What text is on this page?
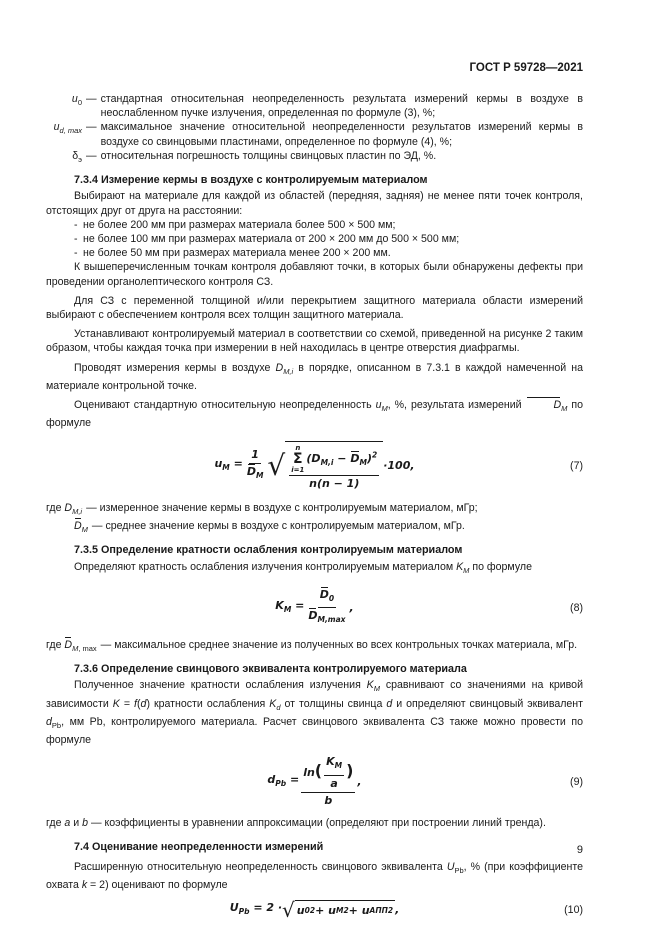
ГОСТ Р 59728—2021
$u_0$ — стандартная относительная неопределенность результата измерений кермы в воздухе в неослабленном пучке излучения, определенная по формуле (3), %;
$u_{d, max}$ — максимальное значение относительной неопределенности результатов измерений кермы в воздухе со свинцовыми пластинами, определенное по формуле (4), %;
$\delta_э$ — относительная погрешность толщины свинцовых пластин по ЭД, %.
7.3.4 Измерение кермы в воздухе с контролируемым материалом

Выбирают на материале для каждой из областей (передняя, задняя) не менее пяти точек контроля, отстоящих друг от друга на расстоянии:

- не более 200 мм при размерах материала более 500 × 500 мм;
- не более 100 мм при размерах материала от 200 × 200 мм до 500 × 500 мм;
- не более 50 мм при размерах материала менее 200 × 200 мм.

К вышеперечисленным точкам контроля добавляют точки, в которых были обнаружены дефекты при проведении органолептического контроля СЗ.

Для СЗ с переменной толщиной и/или перекрытием защитного материала области измерений выбирают с обеспечением контроля всех толщин защитного материала.

Устанавливают контролируемый материал в соответствии со схемой, приведенной на рисунке 2 таким образом, чтобы каждая точка при измерении в ней находилась в центре отверстия диафрагмы.

Проводят измерения кермы в воздухе $D_{M,i}$ в порядке, описанном в 7.3.1 в каждой намеченной на материале контрольной точке.

Оценивают стандартную относительную неопределенность $u_M$, %, результата измерений	$D_M$ по формуле

$u_M = \frac{1}{D_M}$ √ n
Σ
i=1
$(D_{M,i} - D_M)^2$
n(n − 1) ·100,	(7)
где $D_{M,i}$ — измеренное значение кермы в воздухе с контролируемым материалом, мГр;
$D_M$ — среднее значение кермы в воздухе с контролируемым материалом, мГр.
7.3.5 Определение кратности ослабления контролируемым материалом

Определяют кратность ослабления излучения контролируемым материалом $K_M$ по формуле

$K_M = \frac{D_0}{D_{M,max}}$ ,	(8)
где $D_{M, max}$ — максимальное среднее значение из полученных во всех контрольных точках материала, мГр.
7.3.6 Определение свинцового эквивалента контролируемого материала

Полученное значение кратности ослабления излучения $K_M$ сравнивают со значениями на кривой зависимости K = f(d) кратности ослабления $K_d$ от толщины свинца d и определяют свинцовый эквивалент $d_{Pb}$, мм Pb, контролируемого материала. Расчет свинцового эквивалента СЗ также можно провести по формуле

$d_{Pb} = \frac{\ln( \frac{K_M}{a} )}{b}$ ,	(9)

где a и b — коэффициенты в уравнении аппроксимации (определяют при построении линий тренда).

7.4 Оценивание неопределенности измерений

Расширенную относительную неопределенность свинцового эквивалента $U_{Pb}$, % (при коэффициенте охвата k = 2) оценивают по формуле

$U_{Pb} = 2$ · √ u 0 2 + u M 2 + u AПП 2 ,	(10)
9
